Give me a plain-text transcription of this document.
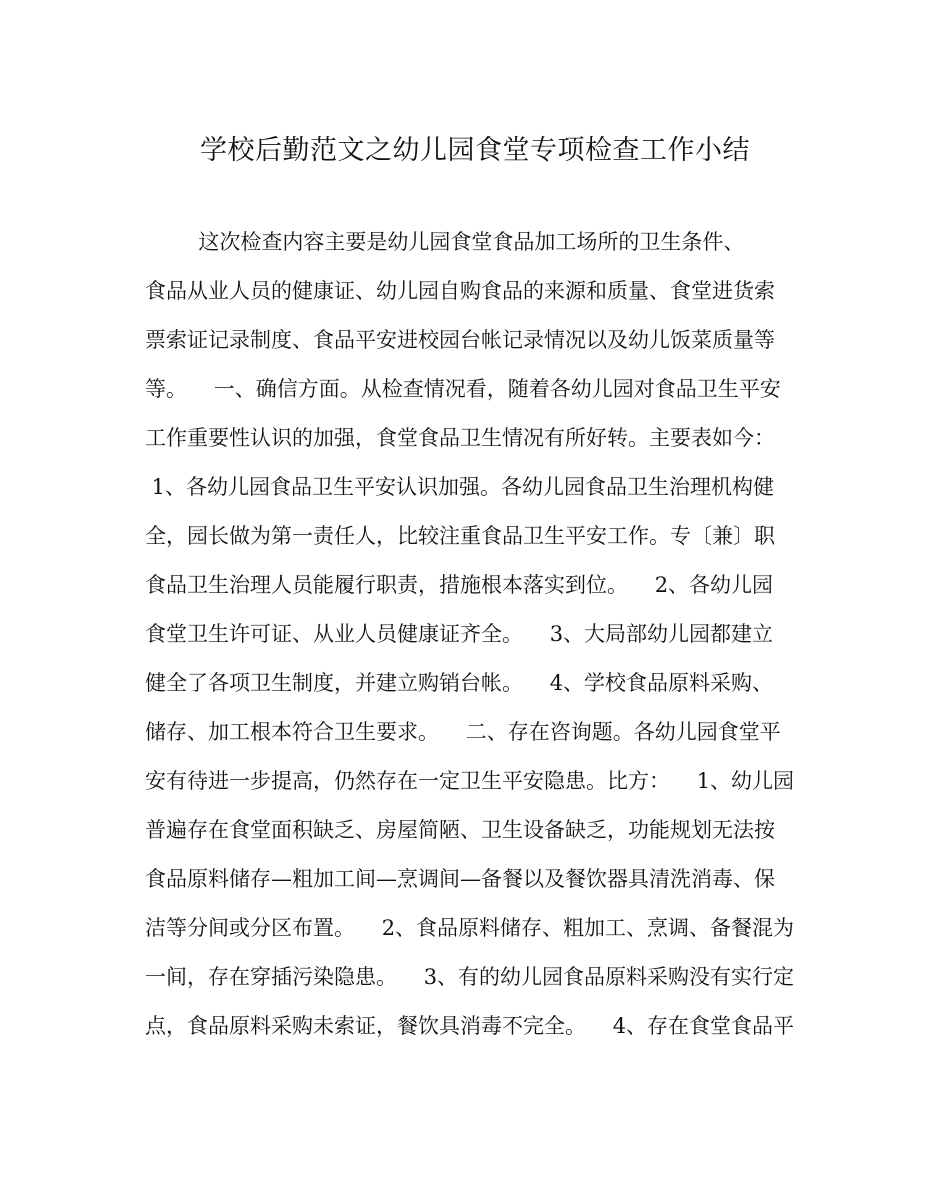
学校后勤范文之幼儿园食堂专项检查工作小结
这次检查内容主要是幼儿园食堂食品加工场所的卫生条件、
食品从业人员的健康证、幼儿园自购食品的来源和质量、食堂进货索
票索证记录制度、食品平安进校园台帐记录情况以及幼儿饭菜质量等
等。    一、确信方面。从检查情况看，随着各幼儿园对食品卫生平安
工作重要性认识的加强，食堂食品卫生情况有所好转。主要表如今：
1、各幼儿园食品卫生平安认识加强。各幼儿园食品卫生治理机构健
全，园长做为第一责任人，比较注重食品卫生平安工作。专〔兼〕职
食品卫生治理人员能履行职责，措施根本落实到位。    2、各幼儿园
食堂卫生许可证、从业人员健康证齐全。    3、大局部幼儿园都建立
健全了各项卫生制度，并建立购销台帐。    4、学校食品原料采购、
储存、加工根本符合卫生要求。    二、存在咨询题。各幼儿园食堂平
安有待进一步提高，仍然存在一定卫生平安隐患。比方：    1、幼儿园
普遍存在食堂面积缺乏、房屋简陋、卫生设备缺乏，功能规划无法按
食品原料储存—粗加工间—烹调间—备餐以及餐饮器具清洗消毒、保
洁等分间或分区布置。    2、食品原料储存、粗加工、烹调、备餐混为
一间，存在穿插污染隐患。    3、有的幼儿园食品原料采购没有实行定
点，食品原料采购未索证，餐饮具消毒不完全。    4、存在食堂食品平
